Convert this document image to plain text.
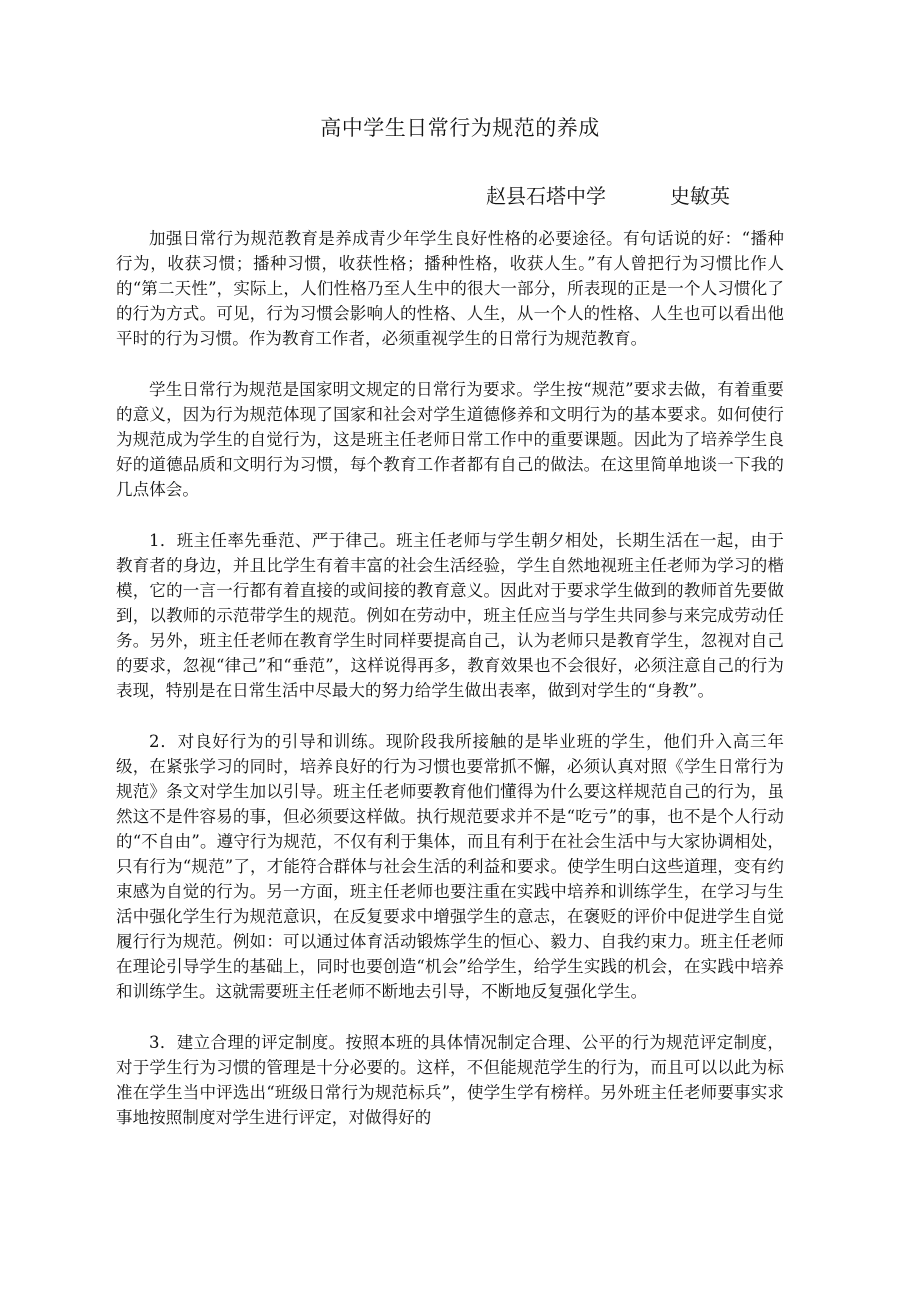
高中学生日常行为规范的养成
赵县石塔中学	史敏英

加强日常行为规范教育是养成青少年学生良好性格的必要途径。有句话说的好：“播种行为，收获习惯；播种习惯，收获性格；播种性格，收获人生。”有人曾把行为习惯比作人的“第二天性”，实际上，人们性格乃至人生中的很大一部分，所表现的正是一个人习惯化了的行为方式。可见，行为习惯会影响人的性格、人生，从一个人的性格、人生也可以看出他平时的行为习惯。作为教育工作者，必须重视学生的日常行为规范教育。

学生日常行为规范是国家明文规定的日常行为要求。学生按“规范”要求去做，有着重要的意义，因为行为规范体现了国家和社会对学生道德修养和文明行为的基本要求。如何使行为规范成为学生的自觉行为，这是班主任老师日常工作中的重要课题。因此为了培养学生良好的道德品质和文明行为习惯，每个教育工作者都有自己的做法。在这里简单地谈一下我的几点体会。

1．班主任率先垂范、严于律己。班主任老师与学生朝夕相处，长期生活在一起，由于教育者的身边，并且比学生有着丰富的社会生活经验，学生自然地视班主任老师为学习的楷模，它的一言一行都有着直接的或间接的教育意义。因此对于要求学生做到的教师首先要做到，以教师的示范带学生的规范。例如在劳动中，班主任应当与学生共同参与来完成劳动任务。另外，班主任老师在教育学生时同样要提高自己，认为老师只是教育学生，忽视对自己的要求，忽视“律己”和“垂范”，这样说得再多，教育效果也不会很好，必须注意自己的行为表现，特别是在日常生活中尽最大的努力给学生做出表率，做到对学生的“身教”。

2．对良好行为的引导和训练。现阶段我所接触的是毕业班的学生，他们升入高三年级，在紧张学习的同时，培养良好的行为习惯也要常抓不懈，必须认真对照《学生日常行为规范》条文对学生加以引导。班主任老师要教育他们懂得为什么要这样规范自己的行为，虽然这不是件容易的事，但必须要这样做。执行规范要求并不是“吃亏”的事，也不是个人行动的“不自由”。遵守行为规范，不仅有利于集体，而且有利于在社会生活中与大家协调相处，只有行为“规范”了，才能符合群体与社会生活的利益和要求。使学生明白这些道理，变有约束感为自觉的行为。另一方面，班主任老师也要注重在实践中培养和训练学生，在学习与生活中强化学生行为规范意识，在反复要求中增强学生的意志，在褒贬的评价中促进学生自觉履行行为规范。例如：可以通过体育活动锻炼学生的恒心、毅力、自我约束力。班主任老师在理论引导学生的基础上，同时也要创造“机会”给学生，给学生实践的机会，在实践中培养和训练学生。这就需要班主任老师不断地去引导，不断地反复强化学生。

3．建立合理的评定制度。按照本班的具体情况制定合理、公平的行为规范评定制度，对于学生行为习惯的管理是十分必要的。这样，不但能规范学生的行为，而且可以以此为标准在学生当中评选出“班级日常行为规范标兵”，使学生学有榜样。另外班主任老师要事实求事地按照制度对学生进行评定，对做得好的
